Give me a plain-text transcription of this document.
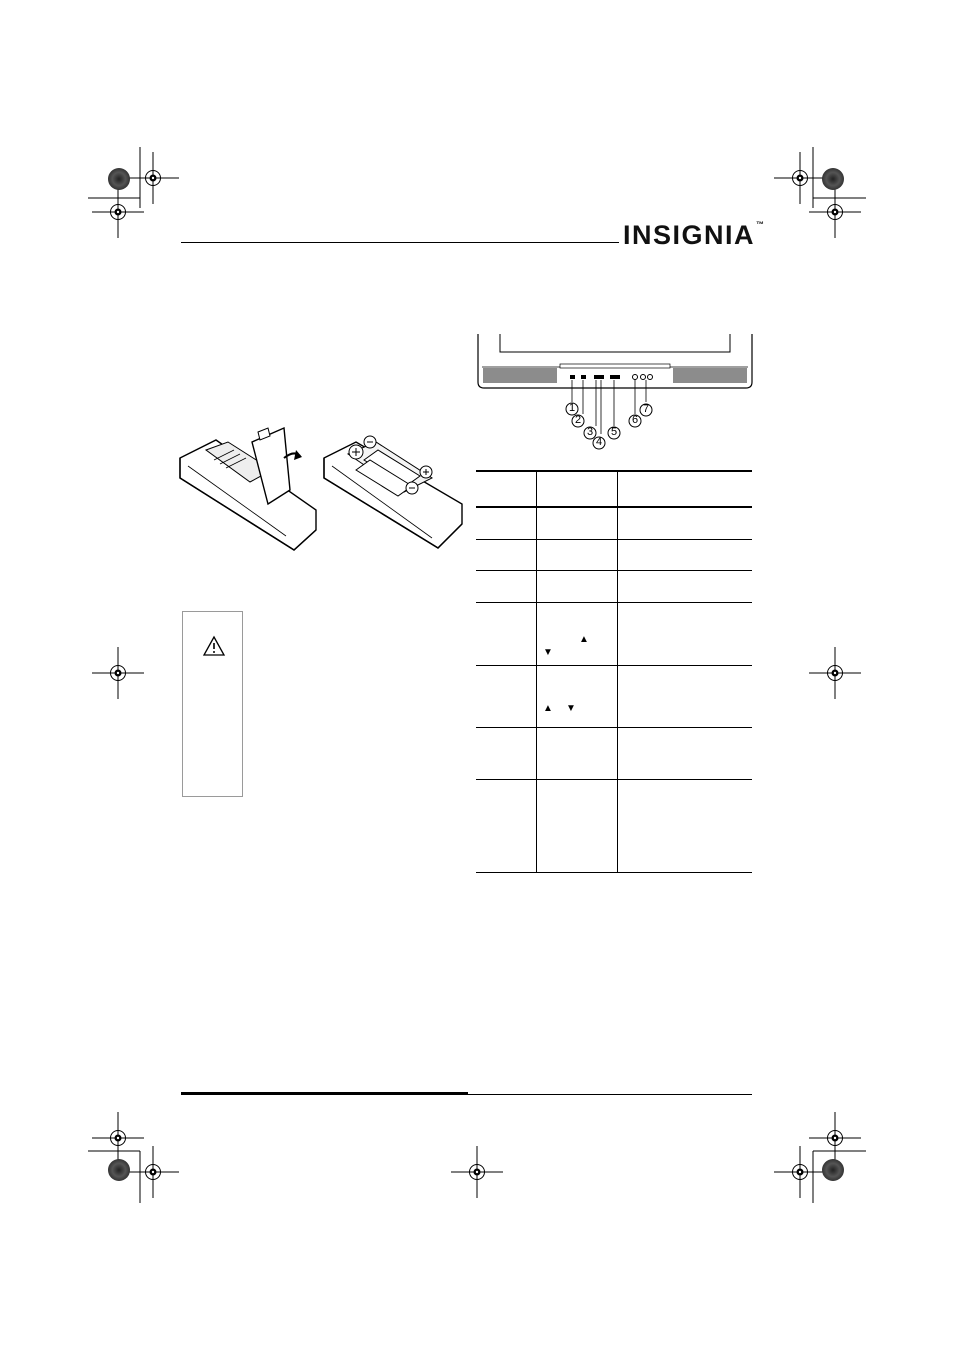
INSIGNIA™
1
2
3
4
5
6
7
▲
▼
▲ ▼
